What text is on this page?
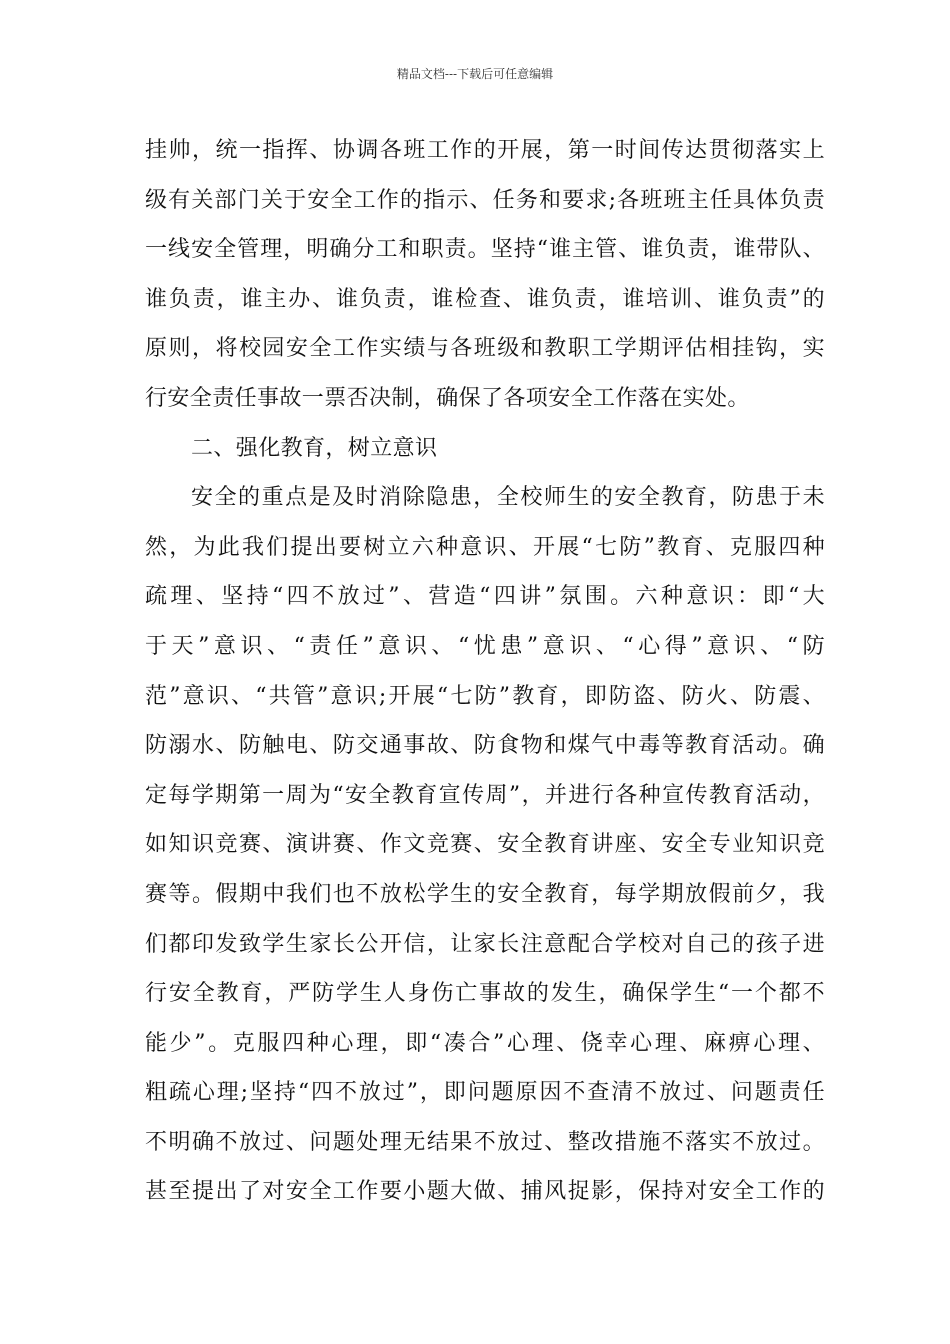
精品文档---下载后可任意编辑
挂帅，统一指挥、协调各班工作的开展，第一时间传达贯彻落实上
级有关部门关于安全工作的指示、任务和要求;各班班主任具体负责
一线安全管理，明确分工和职责。坚持“谁主管、谁负责，谁带队、
谁负责，谁主办、谁负责，谁检查、谁负责，谁培训、谁负责”的
原则，将校园安全工作实绩与各班级和教职工学期评估相挂钩，实
行安全责任事故一票否决制，确保了各项安全工作落在实处。
二、强化教育，树立意识
安全的重点是及时消除隐患，全校师生的安全教育，防患于未
然，为此我们提出要树立六种意识、开展“七防”教育、克服四种
疏理、坚持“四不放过”、营造“四讲”氛围。六种意识：即“大
于天”意识、“责任”意识、“忧患”意识、“心得”意识、“防
范”意识、“共管”意识;开展“七防”教育，即防盗、防火、防震、
防溺水、防触电、防交通事故、防食物和煤气中毒等教育活动。确
定每学期第一周为“安全教育宣传周”，并进行各种宣传教育活动，
如知识竞赛、演讲赛、作文竞赛、安全教育讲座、安全专业知识竞
赛等。假期中我们也不放松学生的安全教育，每学期放假前夕，我
们都印发致学生家长公开信，让家长注意配合学校对自己的孩子进
行安全教育，严防学生人身伤亡事故的发生，确保学生“一个都不
能少”。克服四种心理，即“凑合”心理、侥幸心理、麻痹心理、
粗疏心理;坚持“四不放过”，即问题原因不查清不放过、问题责任
不明确不放过、问题处理无结果不放过、整改措施不落实不放过。
甚至提出了对安全工作要小题大做、捕风捉影，保持对安全工作的
